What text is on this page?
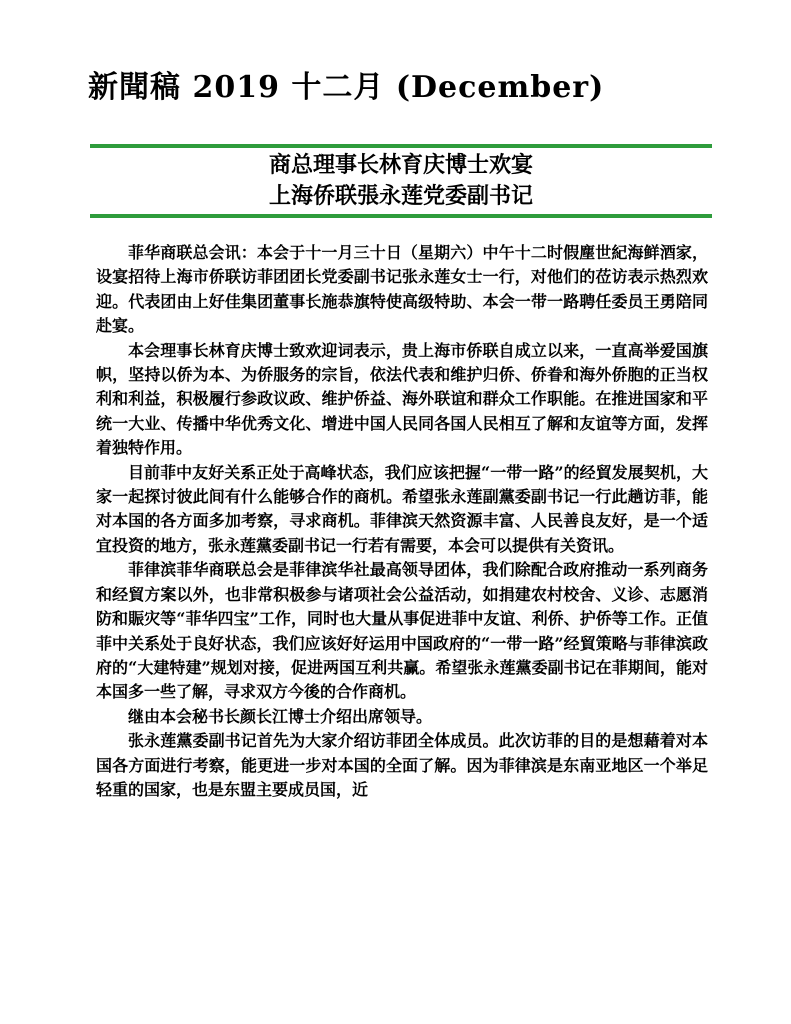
新聞稿 2019 十二月 (December)
商总理事长林育庆博士欢宴
上海侨联張永莲党委副书记

菲华商联总会讯：本会于十一月三十日（星期六）中午十二时假塵世紀海鲜酒家，设宴招待上海市侨联访菲团团长党委副书记张永莲女士一行，对他们的莅访表示热烈欢迎。代表团由上好佳集团董事长施恭旗特使高级特助、本会一带一路聘任委员王勇陪同赴宴。

本会理事长林育庆博士致欢迎词表示，贵上海市侨联自成立以来，一直高举爱国旗帜，坚持以侨为本、为侨服务的宗旨，依法代表和维护归侨、侨眷和海外侨胞的正当权利和利益，积极履行参政议政、维护侨益、海外联谊和群众工作职能。在推进国家和平统一大业、传播中华优秀文化、增进中国人民同各国人民相互了解和友谊等方面，发挥着独特作用。

目前菲中友好关系正处于高峰状态，我们应该把握“一带一路”的经貿发展契机，大家一起探讨彼此间有什么能够合作的商机。希望张永莲副黨委副书记一行此趟访菲，能对本国的各方面多加考察，寻求商机。菲律滨天然资源丰富、人民善良友好，是一个适宜投资的地方，张永莲黨委副书记一行若有需要，本会可以提供有关资讯。

菲律滨菲华商联总会是菲律滨华社最高领导团体，我们除配合政府推动一系列商务和经貿方案以外，也非常积极参与诸项社会公益活动，如捐建农村校舍、义诊、志愿消防和賑灾等“菲华四宝”工作，同时也大量从事促进菲中友谊、利侨、护侨等工作。正值菲中关系处于良好状态，我们应该好好运用中国政府的“一带一路”经貿策略与菲律滨政府的“大建特建”规划对接，促进两国互利共赢。希望张永莲黨委副书记在菲期间，能对本国多一些了解，寻求双方今後的合作商机。

继由本会秘书长颜长江博士介绍出席领导。

张永莲黨委副书记首先为大家介绍访菲团全体成员。此次访菲的目的是想藉着对本国各方面进行考察，能更进一步对本国的全面了解。因为菲律滨是东南亚地区一个举足轻重的国家，也是东盟主要成员国，近
